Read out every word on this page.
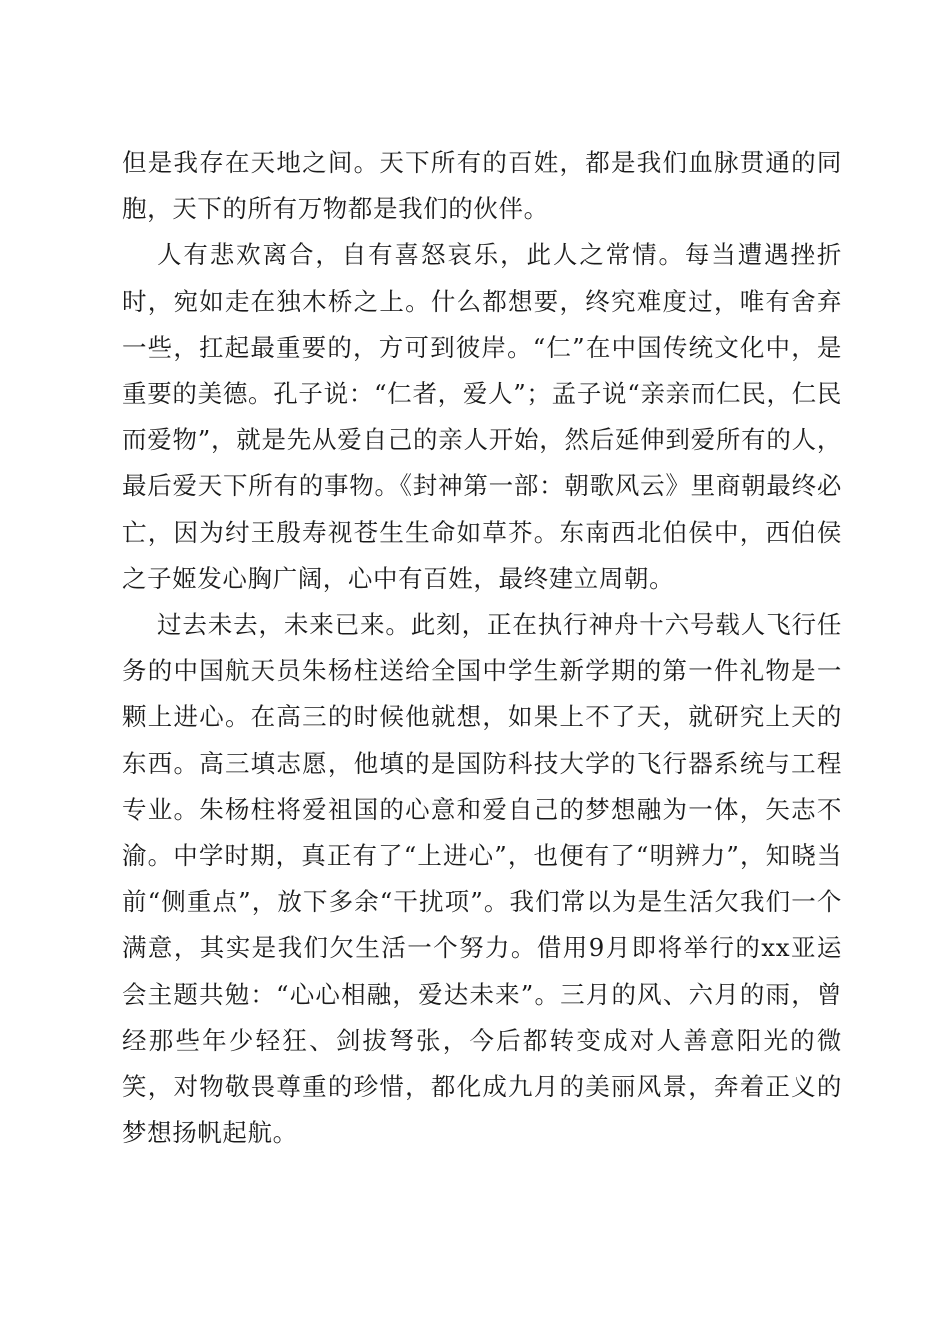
但是我存在天地之间。天下所有的百姓，都是我们血脉贯通的同胞，天下的所有万物都是我们的伙伴。

人有悲欢离合，自有喜怒哀乐，此人之常情。每当遭遇挫折时，宛如走在独木桥之上。什么都想要，终究难度过，唯有舍弃一些，扛起最重要的，方可到彼岸。“仁”在中国传统文化中，是重要的美德。孔子说：“仁者，爱人”；孟子说“亲亲而仁民，仁民而爱物”，就是先从爱自己的亲人开始，然后延伸到爱所有的人，最后爱天下所有的事物。《封神第一部：朝歌风云》里商朝最终必亡，因为纣王殷寿视苍生生命如草芥。东南西北伯侯中，西伯侯之子姬发心胸广阔，心中有百姓，最终建立周朝。

过去未去，未来已来。此刻，正在执行神舟十六号载人飞行任务的中国航天员朱杨柱送给全国中学生新学期的第一件礼物是一颗上进心。在高三的时候他就想，如果上不了天，就研究上天的东西。高三填志愿，他填的是国防科技大学的飞行器系统与工程专业。朱杨柱将爱祖国的心意和爱自己的梦想融为一体，矢志不渝。中学时期，真正有了“上进心”，也便有了“明辨力”，知晓当前“侧重点”，放下多余“干扰项”。我们常以为是生活欠我们一个满意，其实是我们欠生活一个努力。借用9月即将举行的xx亚运会主题共勉：“心心相融，爱达未来”。三月的风、六月的雨，曾经那些年少轻狂、剑拔弩张，今后都转变成对人善意阳光的微笑，对物敬畏尊重的珍惜，都化成九月的美丽风景，奔着正义的梦想扬帆起航。
